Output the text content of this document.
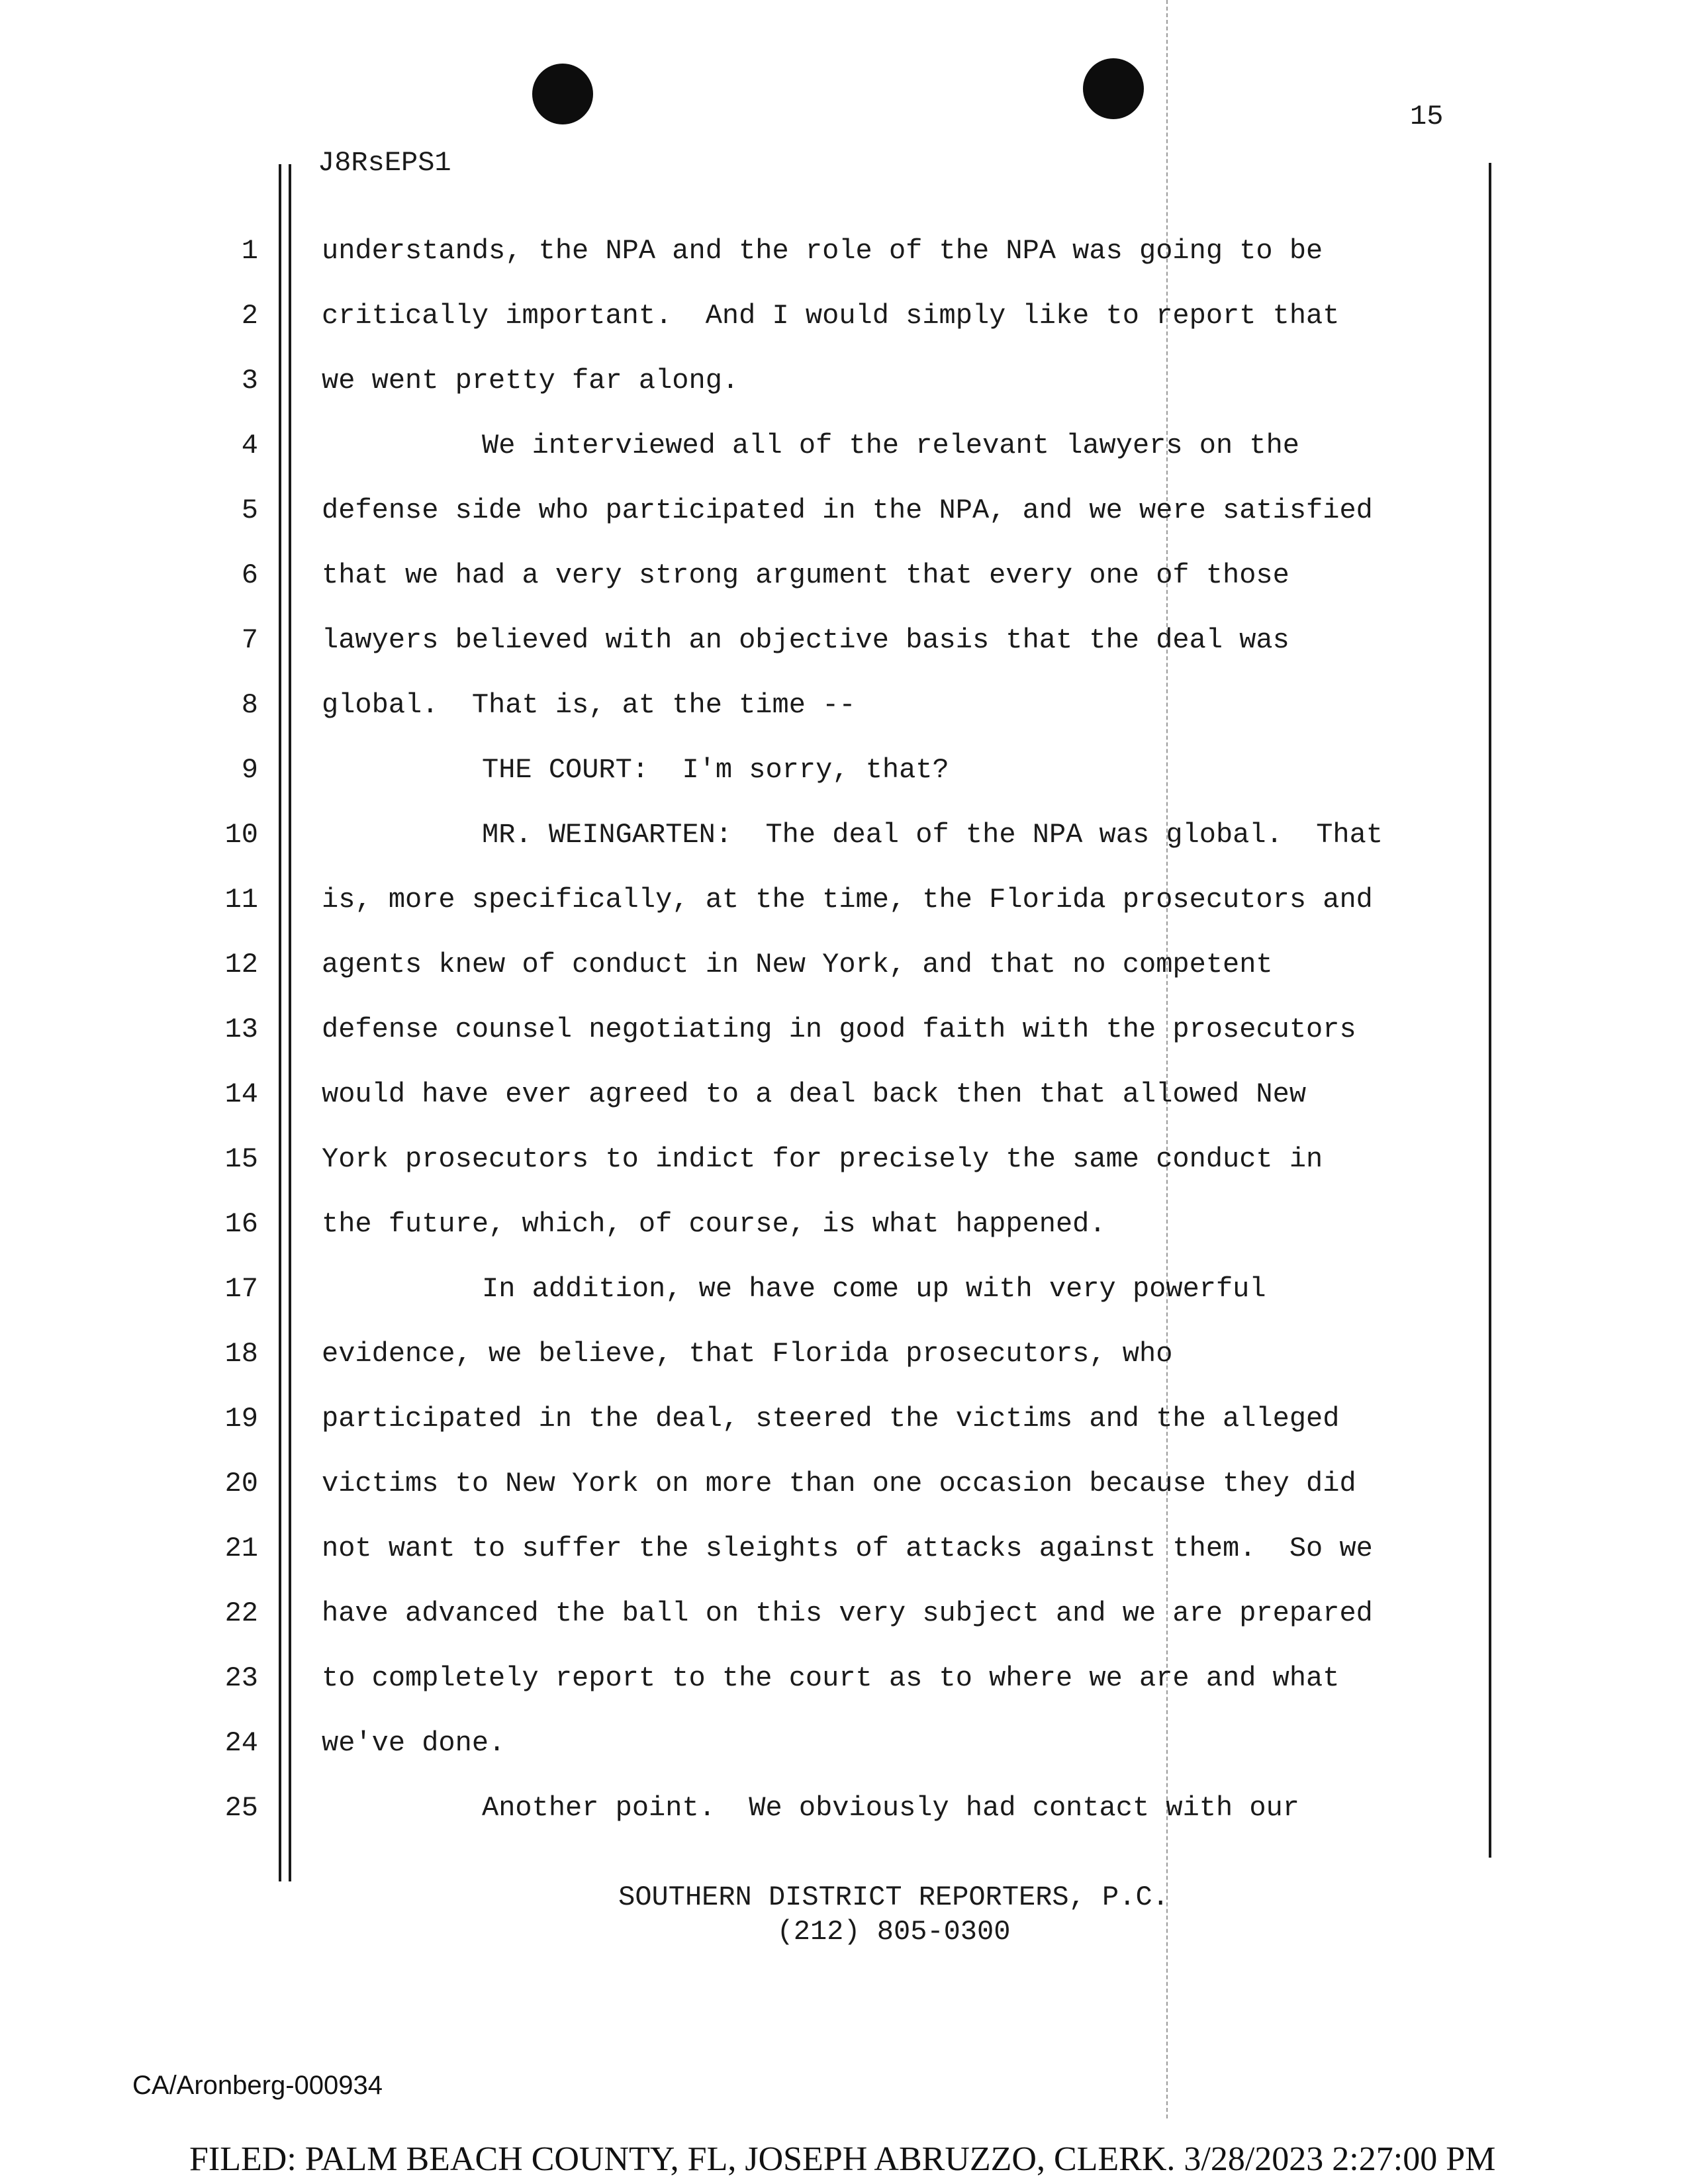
15
J8RsEPS1
1
2
3
4
5
6
7
8
9
10
11
12
13
14
15
16
17
18
19
20
21
22
23
24
25
understands, the NPA and the role of the NPA was going to be
critically important.  And I would simply like to report that
we went pretty far along.
We interviewed all of the relevant lawyers on the
defense side who participated in the NPA, and we were satisfied
that we had a very strong argument that every one of those
lawyers believed with an objective basis that the deal was
global.  That is, at the time --
THE COURT:  I'm sorry, that?
MR. WEINGARTEN:  The deal of the NPA was global.  That
is, more specifically, at the time, the Florida prosecutors and
agents knew of conduct in New York, and that no competent
defense counsel negotiating in good faith with the prosecutors
would have ever agreed to a deal back then that allowed New
York prosecutors to indict for precisely the same conduct in
the future, which, of course, is what happened.
In addition, we have come up with very powerful
evidence, we believe, that Florida prosecutors, who
participated in the deal, steered the victims and the alleged
victims to New York on more than one occasion because they did
not want to suffer the sleights of attacks against them.  So we
have advanced the ball on this very subject and we are prepared
to completely report to the court as to where we are and what
we've done.
Another point.  We obviously had contact with our
SOUTHERN DISTRICT REPORTERS, P.C.
(212) 805-0300
CA/Aronberg-000934
FILED: PALM BEACH COUNTY, FL, JOSEPH ABRUZZO, CLERK. 3/28/2023 2:27:00 PM
